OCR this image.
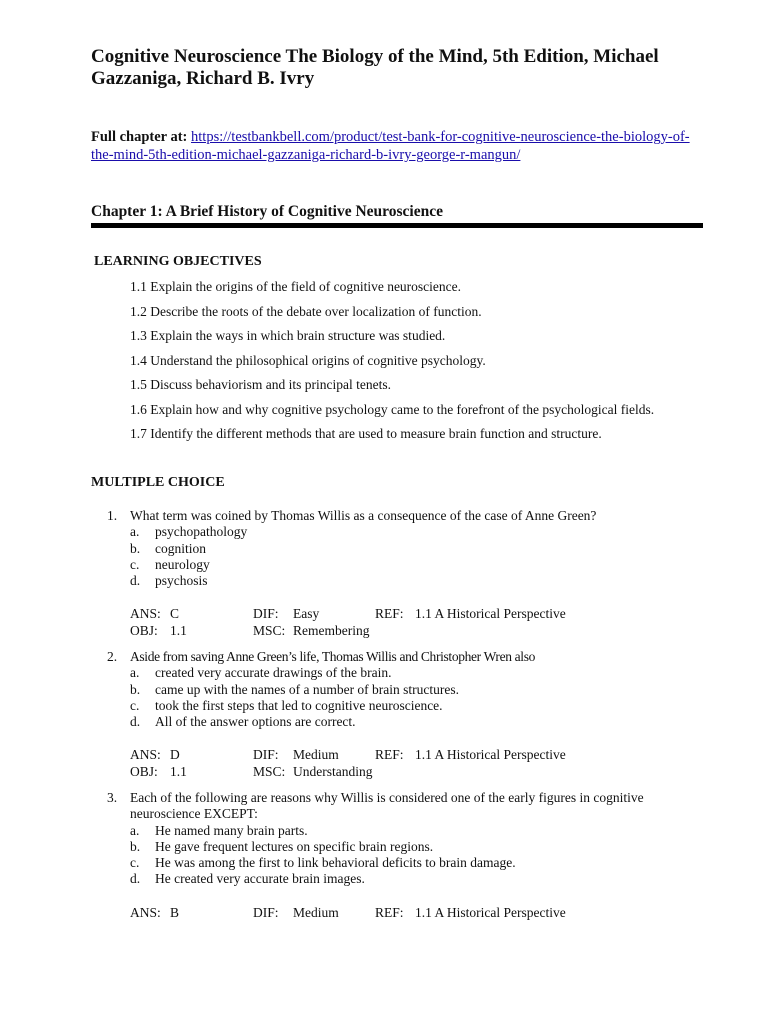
Cognitive Neuroscience The Biology of the Mind, 5th Edition, Michael Gazzaniga, Richard B. Ivry
Full chapter at: https://testbankbell.com/product/test-bank-for-cognitive-neuroscience-the-biology-of-the-mind-5th-edition-michael-gazzaniga-richard-b-ivry-george-r-mangun/
Chapter 1: A Brief History of Cognitive Neuroscience
LEARNING OBJECTIVES
1.1 Explain the origins of the field of cognitive neuroscience.
1.2 Describe the roots of the debate over localization of function.
1.3 Explain the ways in which brain structure was studied.
1.4 Understand the philosophical origins of cognitive psychology.
1.5 Discuss behaviorism and its principal tenets.
1.6 Explain how and why cognitive psychology came to the forefront of the psychological fields.
1.7 Identify the different methods that are used to measure brain function and structure.
MULTIPLE CHOICE
1. What term was coined by Thomas Willis as a consequence of the case of Anne Green?
a.	psychopathology
b.	cognition
c.	neurology
d.	psychosis
ANS: C	DIF:	Easy	REF: 1.1 A Historical Perspective
OBJ: 1.1	MSC: Remembering
2. Aside from saving Anne Green’s life, Thomas Willis and Christopher Wren also
a.	created very accurate drawings of the brain.
b.	came up with the names of a number of brain structures.
c.	took the first steps that led to cognitive neuroscience.
d.	All of the answer options are correct.
ANS: D	DIF:	Medium	REF: 1.1 A Historical Perspective
OBJ: 1.1	MSC: Understanding
3. Each of the following are reasons why Willis is considered one of the early figures in cognitive neuroscience EXCEPT:
a.	He named many brain parts.
b.	He gave frequent lectures on specific brain regions.
c.	He was among the first to link behavioral deficits to brain damage.
d.	He created very accurate brain images.
ANS: B	DIF:	Medium	REF: 1.1 A Historical Perspective
